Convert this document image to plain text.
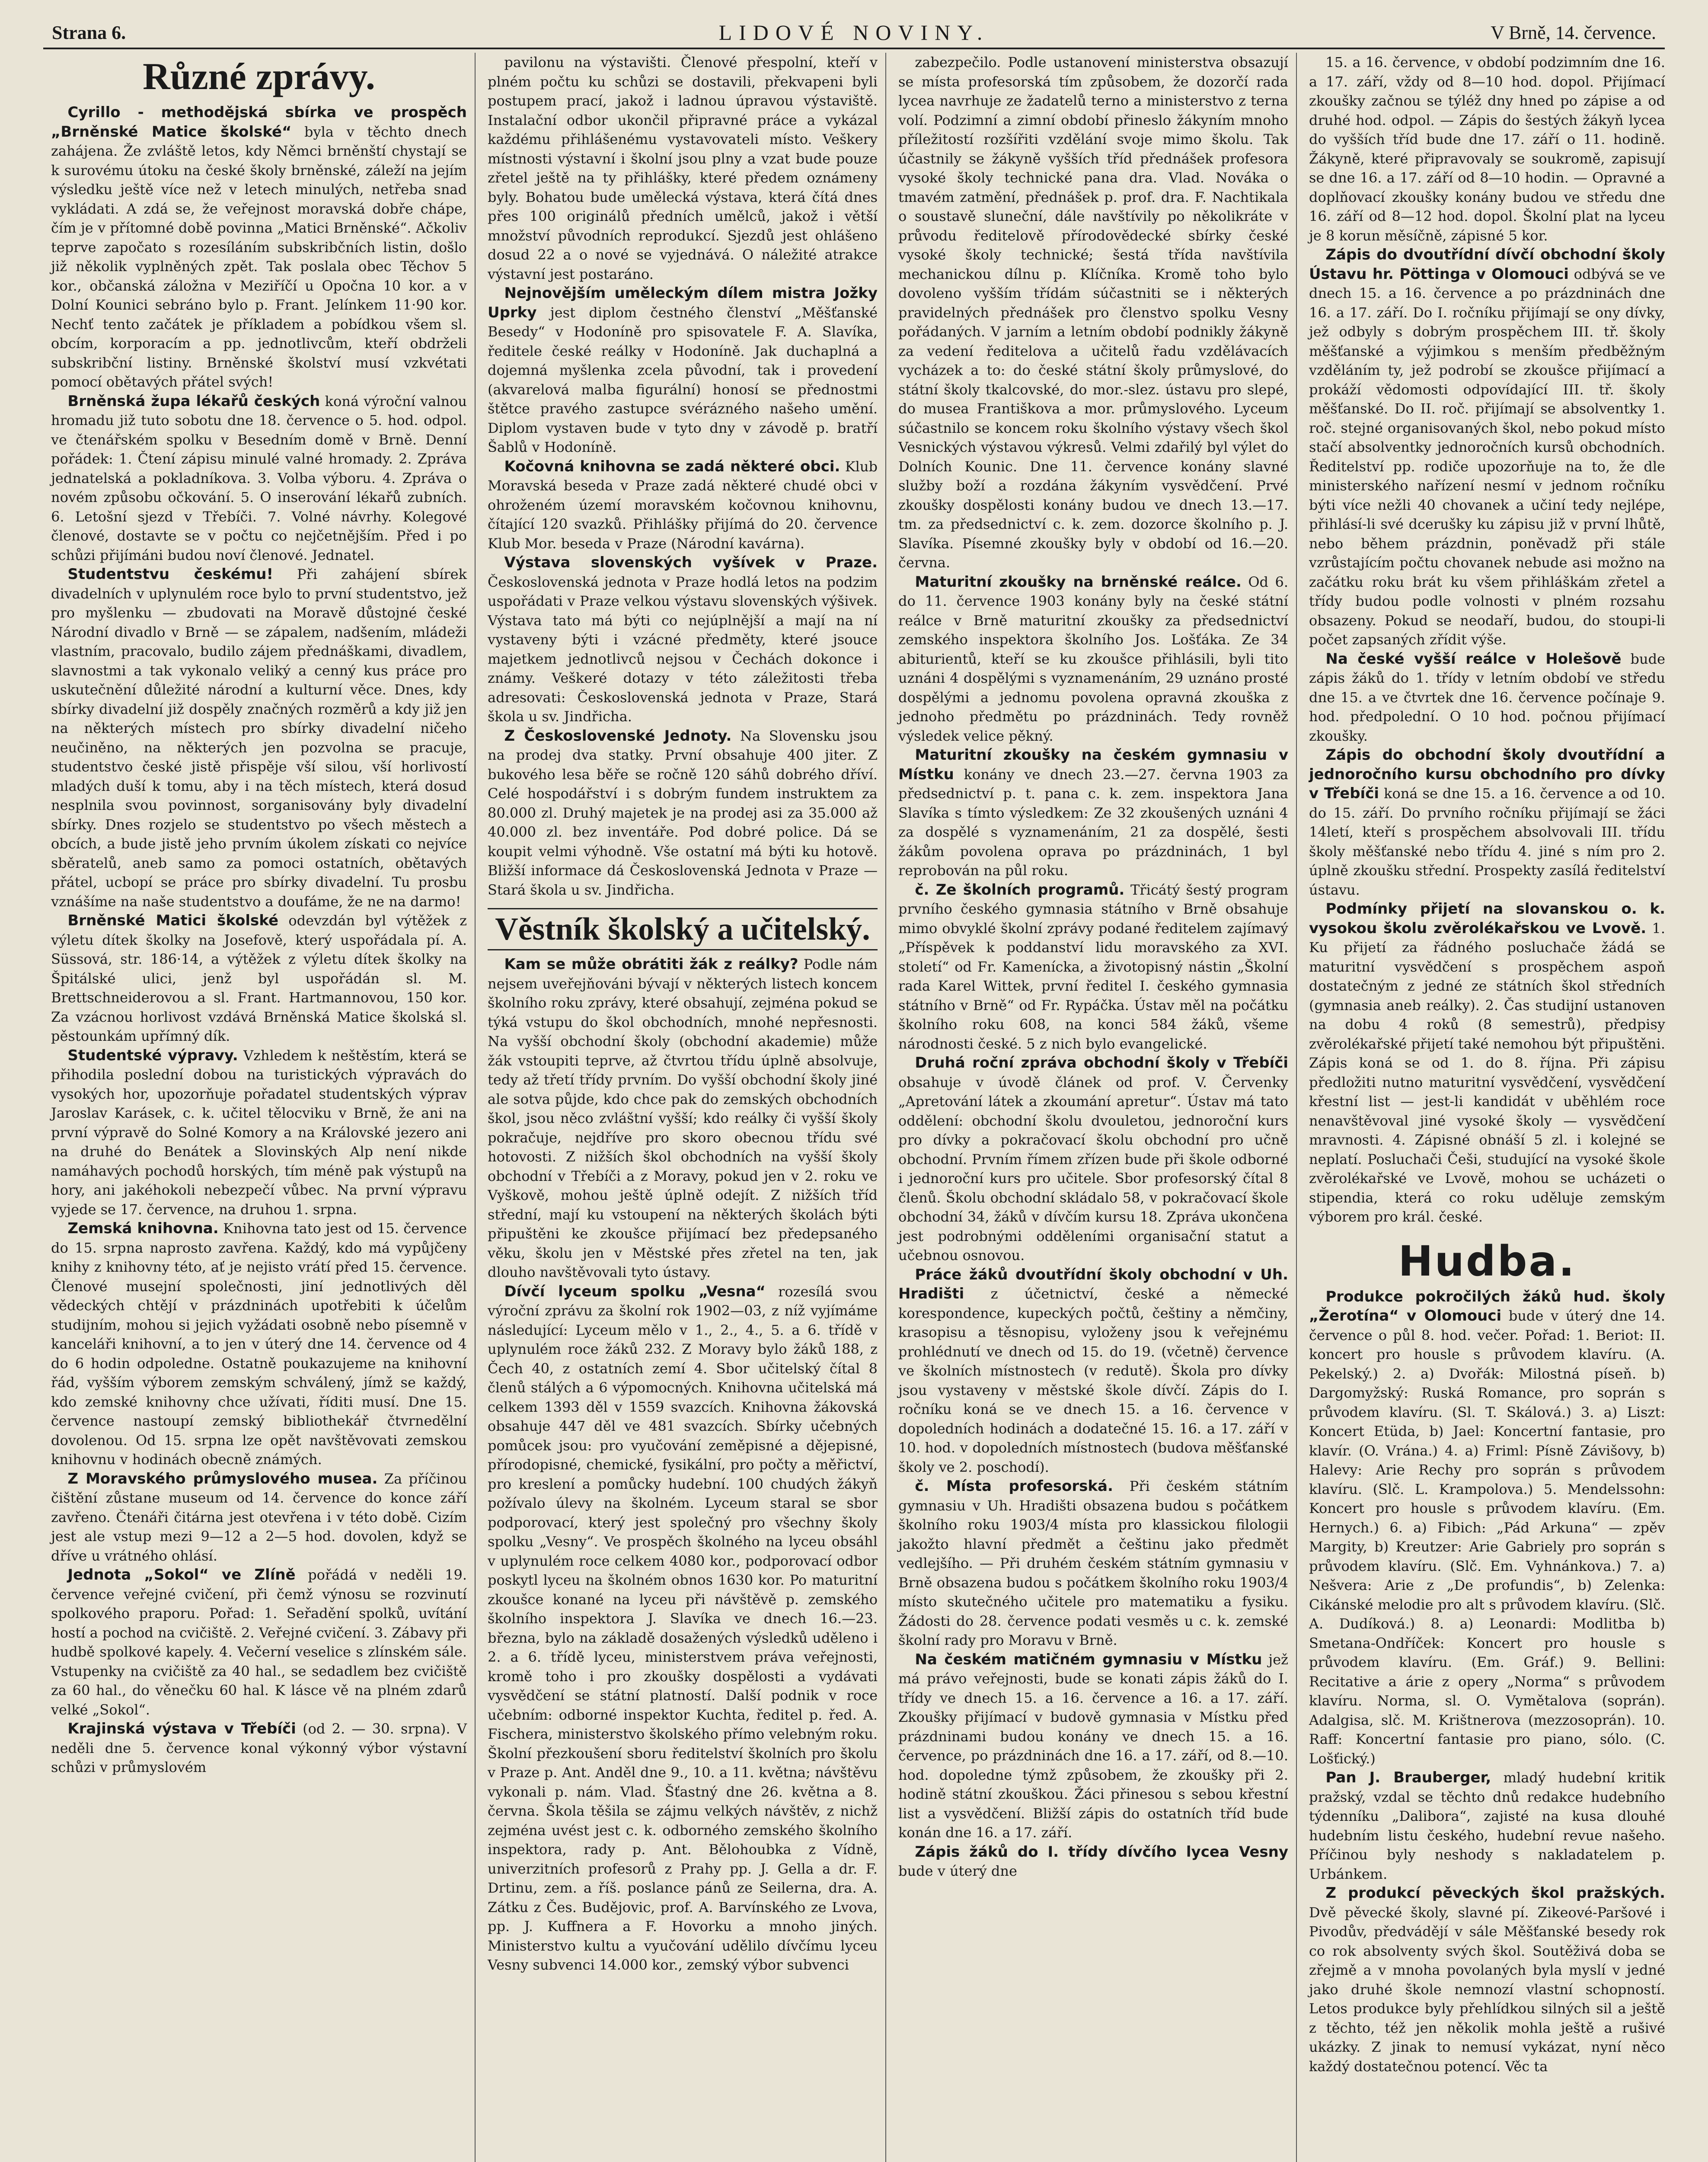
Strana 6.	LIDOVÉ NOVINY.	V Brně, 14. července.
Různé zprávy.

Cyrillo - methodějská sbírka ve prospěch „Brněnské Matice školské“ byla v těchto dnech zahájena. Že zvláště letos, kdy Němci brněnští chystají se k surovému útoku na české školy brněnské, záleží na jejím výsledku ještě více než v letech minulých, netřeba snad vykládati. A zdá se, že veřejnost moravská dobře chápe, čím je v přítomné době povinna „Matici Brněnské“. Ačkoliv teprve započato s rozesíláním subskribčních listin, došlo již několik vyplněných zpět. Tak poslala obec Těchov 5 kor., občanská záložna v Meziříčí u Opočna 10 kor. a v Dolní Kounici sebráno bylo p. Frant. Jelínkem 11·90 kor. Nechť tento začátek je příkladem a pobídkou všem sl. obcím, korporacím a pp. jednotlivcům, kteří obdrželi subskribční listiny. Brněnské školství musí vzkvétati pomocí obětavých přátel svých!

Brněnská župa lékařů českých koná výroční valnou hromadu již tuto sobotu dne 18. července o 5. hod. odpol. ve čtenářském spolku v Besedním domě v Brně. Denní pořádek: 1. Čtení zápisu minulé valné hromady. 2. Zpráva jednatelská a pokladníkova. 3. Volba výboru. 4. Zpráva o novém způsobu očkování. 5. O inserování lékařů zubních. 6. Letošní sjezd v Třebíči. 7. Volné návrhy. Kolegové členové, dostavte se v počtu co nejčetnějším. Před i po schůzi přijímáni budou noví členové. Jednatel.

Studentstvu českému! Při zahájení sbírek divadelních v uplynulém roce bylo to první studentstvo, jež pro myšlenku — zbudovati na Moravě důstojné české Národní divadlo v Brně — se zápalem, nadšením, mládeži vlastním, pracovalo, budilo zájem přednáškami, divadlem, slavnostmi a tak vykonalo veliký a cenný kus práce pro uskutečnění důležité národní a kulturní věce. Dnes, kdy sbírky divadelní již dospěly značných rozměrů a kdy již jen na některých místech pro sbírky divadelní ničeho neučiněno, na některých jen pozvolna se pracuje, studentstvo české jistě přispěje vší silou, vší horlivostí mladých duší k tomu, aby i na těch místech, která dosud nesplnila svou povinnost, sorganisovány byly divadelní sbírky. Dnes rozjelo se studentstvo po všech městech a obcích, a bude jistě jeho prvním úkolem získati co nejvíce sběratelů, aneb samo za pomoci ostatních, obětavých přátel, ucbopí se práce pro sbírky divadelní. Tu prosbu vznášíme na naše studentstvo a doufáme, že ne na darmo!

Brněnské Matici školské odevzdán byl výtěžek z výletu dítek školky na Josefově, který uspořádala pí. A. Süssová, str. 186·14, a výtěžek z výletu dítek školky na Špitálské ulici, jenž byl uspořádán sl. M. Brettschneiderovou a sl. Frant. Hartmannovou, 150 kor. Za vzácnou horlivost vzdává Brněnská Matice školská sl. pěstounkám upřímný dík.

Studentské výpravy. Vzhledem k neštěstím, která se přihodila poslední dobou na turistických výpravách do vysokých hor, upozorňuje pořadatel studentských výprav Jaroslav Karásek, c. k. učitel tělocviku v Brně, že ani na první výpravě do Solné Komory a na Královské jezero ani na druhé do Benátek a Slovinských Alp není nikde namáhavých pochodů horských, tím méně pak výstupů na hory, ani jakéhokoli nebezpečí vůbec. Na první výpravu vyjede se 17. července, na druhou 1. srpna.

Zemská knihovna. Knihovna tato jest od 15. července do 15. srpna naprosto zavřena. Každý, kdo má vypůjčeny knihy z knihovny této, ať je nejisto vrátí před 15. července. Členové musejní společnosti, jiní jednotlivých děl vědeckých chtějí v prázdninách upotřebiti k účelům studijním, mohou si jejich vyžádati osobně nebo písemně v kanceláři knihovní, a to jen v úterý dne 14. července od 4 do 6 hodin odpoledne. Ostatně poukazujeme na knihovní řád, vyšším výborem zemským schválený, jímž se každý, kdo zemské knihovny chce užívati, říditi musí. Dne 15. července nastoupí zemský bibliothekář čtvrnedělní dovolenou. Od 15. srpna lze opět navštěvovati zemskou knihovnu v hodinách obecně známých.

Z Moravského průmyslového musea. Za příčinou čištění zůstane museum od 14. července do konce září zavřeno. Čtenáři čitárna jest otevřena i v této době. Cizím jest ale vstup mezi 9—12 a 2—5 hod. dovolen, když se dříve u vrátného ohlásí.

Jednota „Sokol“ ve Zlíně pořádá v neděli 19. července veřejné cvičení, při čemž výnosu se rozvinutí spolkového praporu. Pořad: 1. Seřadění spolků, uvítání hostí a pochod na cvičiště. 2. Veřejné cvičení. 3. Zábavy při hudbě spolkové kapely. 4. Večerní veselice s zlínském sále. Vstupenky na cvičiště za 40 hal., se sedadlem bez cvičiště za 60 hal., do věnečku 60 hal. K lásce vě na plném zdarů velké „Sokol“.

Krajinská výstava v Třebíči (od 2. — 30. srpna). V neděli dne 5. července konal výkonný výbor výstavní schůzi v průmyslovém

pavilonu na výstavišti. Členové přespolní, kteří v plném počtu ku schůzi se dostavili, překvapeni byli postupem prací, jakož i ladnou úpravou výstaviště. Instalační odbor ukončil připravné práce a vykázal každému přihlášenému vystavovateli místo. Veškery místnosti výstavní i školní jsou plny a vzat bude pouze zřetel ještě na ty přihlášky, které předem oznámeny byly. Bohatou bude umělecká výstava, která čítá dnes přes 100 originálů předních umělců, jakož i větší množství původních reprodukcí. Sjezdů jest ohlášeno dosud 22 a o nové se vyjednává. O náležité atrakce výstavní jest postaráno.

Nejnovějším uměleckým dílem mistra Jožky Uprky jest diplom čestného členství „Měšťanské Besedy“ v Hodoníně pro spisovatele F. A. Slavíka, ředitele české reálky v Hodoníně. Jak duchaplná a dojemná myšlenka zcela původní, tak i provedení (akvarelová malba figurální) honosí se přednostmi štětce pravého zastupce svérázného našeho umění. Diplom vystaven bude v tyto dny v závodě p. bratří Šablů v Hodoníně.

Kočovná knihovna se zadá některé obci. Klub Moravská beseda v Praze zadá některé chudé obci v ohroženém území moravském kočovnou knihovnu, čítající 120 svazků. Přihlášky přijímá do 20. července Klub Mor. beseda v Praze (Národní kavárna).

Výstava slovenských vyšívek v Praze. Československá jednota v Praze hodlá letos na podzim uspořádati v Praze velkou výstavu slovenských výšivek. Výstava tato má býti co nejúplnější a mají na ní vystaveny býti i vzácné předměty, které jsouce majetkem jednotlivců nejsou v Čechách dokonce i známy. Veškeré dotazy v této záležitosti třeba adresovati: Československá jednota v Praze, Stará škola u sv. Jindřicha.

Z Československé Jednoty. Na Slovensku jsou na prodej dva statky. První obsahuje 400 jiter. Z bukového lesa běře se ročně 120 sáhů dobrého dříví. Celé hospodářství i s dobrým fundem instruktem za 80.000 zl. Druhý majetek je na prodej asi za 35.000 až 40.000 zl. bez inventáře. Pod dobré police. Dá se koupit velmi výhodně. Vše ostatní má býti ku hotově. Bližší informace dá Československá Jednota v Praze — Stará škola u sv. Jindřicha.

Věstník školský a učitelský.

Kam se může obrátiti žák z reálky? Podle nám nejsem uveřejňováni bývají v některých listech koncem školního roku zprávy, které obsahují, zejména pokud se týká vstupu do škol obchodních, mnohé nepřesnosti. Na vyšší obchodní školy (obchodní akademie) může žák vstoupiti teprve, až čtvrtou třídu úplně absolvuje, tedy až třetí třídy prvním. Do vyšší obchodní školy jiné ale sotva půjde, kdo chce pak do zemských obchodních škol, jsou něco zvláštní vyšší; kdo reálky či vyšší školy pokračuje, nejdříve pro skoro obecnou třídu své hotovosti. Z nižších škol obchodních na vyšší školy obchodní v Třebíči a z Moravy, pokud jen v 2. roku ve Vyškově, mohou ještě úplně odejít. Z nižších tříd střední, mají ku vstoupení na některých školách býti připuštěni ke zkoušce přijímací bez předepsaného věku, školu jen v Městské přes zřetel na ten, jak dlouho navštěvovali tyto ústavy.

Dívčí lyceum spolku „Vesna“ rozesílá svou výroční zprávu za školní rok 1902—03, z níž vyjímáme následující: Lyceum mělo v 1., 2., 4., 5. a 6. třídě v uplynulém roce žáků 232. Z Moravy bylo žáků 188, z Čech 40, z ostatních zemí 4. Sbor učitelský čítal 8 členů stálých a 6 výpomocných. Knihovna učitelská má celkem 1393 děl v 1559 svazcích. Knihovna žákovská obsahuje 447 děl ve 481 svazcích. Sbírky učebných pomůcek jsou: pro vyučování zeměpisné a dějepisné, přírodopisné, chemické, fysikální, pro počty a měřictví, pro kreslení a pomůcky hudební. 100 chudých žákyň požívalo úlevy na školném. Lyceum staral se sbor podporovací, který jest společný pro všechny školy spolku „Vesny“. Ve prospěch školného na lyceu obsáhl v uplynulém roce celkem 4080 kor., podporovací odbor poskytl lyceu na školném obnos 1630 kor. Po maturitní zkoušce konané na lyceu při návštěvě p. zemského školního inspektora J. Slavíka ve dnech 16.—23. března, bylo na základě dosažených výsledků uděleno i 2. a 6. třídě lyceu, ministerstvem práva veřejnosti, kromě toho i pro zkoušky dospělosti a vydávati vysvědčení se státní platností. Další podnik v roce učebním: odborné inspektor Kuchta, ředitel p. řed. A. Fischera, ministerstvo školského přímo velebným roku. Školní přezkoušení sboru ředitelství školních pro školu v Praze p. Ant. Anděl dne 9., 10. a 11. května; návštěvu vykonali p. nám. Vlad. Šťastný dne 26. května a 8. června. Škola těšila se zájmu velkých návštěv, z nichž zejména uvést jest c. k. odborného zemského školního inspektora, rady p. Ant. Bělohoubka z Vídně, univerzitních profesorů z Prahy pp. J. Gella a dr. F. Drtinu, zem. a říš. poslance pánů ze Seilerna, dra. A. Zátku z Čes. Budějovic, prof. A. Barvínského ze Lvova, pp. J. Kuffnera a F. Hovorku a mnoho jiných. Ministerstvo kultu a vyučování udělilo dívčímu lyceu Vesny subvenci 14.000 kor., zemský výbor subvenci

zabezpečilo. Podle ustanovení ministerstva obsazují se místa profesorská tím způsobem, že dozorčí rada lycea navrhuje ze žadatelů terno a ministerstvo z terna volí. Podzimní a zimní období přineslo žákyním mnoho příležitostí rozšířiti vzdělání svoje mimo školu. Tak účastnily se žákyně vyšších tříd přednášek profesora vysoké školy technické pana dra. Vlad. Nováka o tmavém zatmění, přednášek p. prof. dra. F. Nachtikala o soustavě sluneční, dále navštívily po několikráte v průvodu ředitelově přírodovědecké sbírky české vysoké školy technické; šestá třída navštívila mechanickou dílnu p. Klíčníka. Kromě toho bylo dovoleno vyšším třídám súčastniti se i některých pravidelných přednášek pro členstvo spolku Vesny pořádaných. V jarním a letním období podnikly žákyně za vedení ředitelova a učitelů řadu vzdělávacích vycházek a to: do české státní školy průmyslové, do státní školy tkalcovské, do mor.-slez. ústavu pro slepé, do musea Františkova a mor. průmyslového. Lyceum súčastnilo se koncem roku školního výstavy všech škol Vesnických výstavou výkresů. Velmi zdařilý byl výlet do Dolních Kounic. Dne 11. července konány slavné služby boží a rozdána žákyním vysvědčení. Prvé zkoušky dospělosti konány budou ve dnech 13.—17. tm. za předsednictví c. k. zem. dozorce školního p. J. Slavíka. Písemné zkoušky byly v období od 16.—20. června.

Maturitní zkoušky na brněnské reálce. Od 6. do 11. července 1903 konány byly na české státní reálce v Brně maturitní zkoušky za předsednictví zemského inspektora školního Jos. Lošťáka. Ze 34 abiturientů, kteří se ku zkoušce přihlásili, byli tito uznáni 4 dospělými s vyznamenáním, 29 uznáno prosté dospělými a jednomu povolena opravná zkouška z jednoho předmětu po prázdninách. Tedy rovněž výsledek velice pěkný.

Maturitní zkoušky na českém gymnasiu v Místku konány ve dnech 23.—27. června 1903 za předsednictví p. t. pana c. k. zem. inspektora Jana Slavíka s tímto výsledkem: Ze 32 zkoušených uznáni 4 za dospělé s vyznamenáním, 21 za dospělé, šesti žákům povolena oprava po prázdninách, 1 byl reprobován na půl roku.

č. Ze školních programů. Třicátý šestý program prvního českého gymnasia státního v Brně obsahuje mimo obvyklé školní zprávy podané ředitelem zajímavý „Příspěvek k poddanství lidu moravského za XVI. století“ od Fr. Kamenícka, a životopisný nástin „Školní rada Karel Wittek, první ředitel I. českého gymnasia státního v Brně“ od Fr. Rypáčka. Ústav měl na počátku školního roku 608, na konci 584 žáků, všeme národnosti české. 5 z nich bylo evangelické.

Druhá roční zpráva obchodní školy v Třebíči obsahuje v úvodě článek od prof. V. Červenky „Apretování látek a zkoumání apretur“. Ústav má tato oddělení: obchodní školu dvouletou, jednoroční kurs pro dívky a pokračovací školu obchodní pro učně obchodní. Prvním římem zřízen bude při škole odborné i jednoroční kurs pro učitele. Sbor profesorský čítal 8 členů. Školu obchodní skládalo 58, v pokračovací škole obchodní 34, žáků v dívčím kursu 18. Zpráva ukončena jest podrobnými odděleními organisační statut a učebnou osnovou.

Práce žáků dvoutřídní školy obchodní v Uh. Hradišti z účetnictví, české a německé korespondence, kupeckých počtů, češtiny a němčiny, krasopisu a těsnopisu, vyloženy jsou k veřejnému prohlédnutí ve dnech od 15. do 19. (včetně) července ve školních místnostech (v redutě). Škola pro dívky jsou vystaveny v městské škole dívčí. Zápis do I. ročníku koná se ve dnech 15. a 16. července v dopoledních hodinách a dodatečné 15. 16. a 17. září v 10. hod. v dopoledních místnostech (budova měšťanské školy ve 2. poschodí).

č. Místa profesorská. Při českém státním gymnasiu v Uh. Hradišti obsazena budou s počátkem školního roku 1903/4 místa pro klassickou filologii jakožto hlavní předmět a češtinu jako předmět vedlejšího. — Při druhém českém státním gymnasiu v Brně obsazena budou s počátkem školního roku 1903/4 místo skutečného učitele pro matematiku a fysiku. Žádosti do 28. července podati vesměs u c. k. zemské školní rady pro Moravu v Brně.

Na českém matičném gymnasiu v Místku jež má právo veřejnosti, bude se konati zápis žáků do I. třídy ve dnech 15. a 16. července a 16. a 17. září. Zkoušky přijímací v budově gymnasia v Místku před prázdninami budou konány ve dnech 15. a 16. července, po prázdninách dne 16. a 17. září, od 8.—10. hod. dopoledne týmž způsobem, že zkoušky při 2. hodině státní zkouškou. Žáci přinesou s sebou křestní list a vysvědčení. Bližší zápis do ostatních tříd bude konán dne 16. a 17. září.

Zápis žáků do I. třídy dívčího lycea Vesny bude v úterý dne

15. a 16. července, v období podzimním dne 16. a 17. září, vždy od 8—10 hod. dopol. Přijímací zkoušky začnou se týléž dny hned po zápise a od druhé hod. odpol. — Zápis do šestých žákyň lycea do vyšších tříd bude dne 17. září o 11. hodině. Žákyně, které připravovaly se soukromě, zapisují se dne 16. a 17. září od 8—10 hodin. — Opravné a doplňovací zkoušky konány budou ve středu dne 16. září od 8—12 hod. dopol. Školní plat na lyceu je 8 korun měsíčně, zápisné 5 kor.

Zápis do dvoutřídní dívčí obchodní školy Ústavu hr. Pöttinga v Olomouci odbývá se ve dnech 15. a 16. července a po prázdninách dne 16. a 17. září. Do I. ročníku přijímají se ony dívky, jež odbyly s dobrým prospěchem III. tř. školy měšťanské a výjimkou s menším předběžným vzděláním ty, jež podrobí se zkoušce přijímací a prokáží vědomosti odpovídající III. tř. školy měšťanské. Do II. roč. přijímají se absolventky 1. roč. stejné organisovaných škol, nebo pokud místo stačí absolventky jednoročních kursů obchodních. Ředitelství pp. rodiče upozorňuje na to, že dle ministerského nařízení nesmí v jednom ročníku býti více nežli 40 chovanek a učiní tedy nejlépe, přihlásí-li své dcerušky ku zápisu již v první lhůtě, nebo během prázdnin, poněvadž při stále vzrůstajícím počtu chovanek nebude asi možno na začátku roku brát ku všem přihláškám zřetel a třídy budou podle volnosti v plném rozsahu obsazeny. Pokud se neodaří, budou, do stoupi-li počet zapsaných zřídit výše.

Na české vyšší reálce v Holešově bude zápis žáků do 1. třídy v letním období ve středu dne 15. a ve čtvrtek dne 16. července počínaje 9. hod. předpolední. O 10 hod. počnou přijímací zkoušky.

Zápis do obchodní školy dvoutřídní a jednoročního kursu obchodního pro dívky v Třebíči koná se dne 15. a 16. července a od 10. do 15. září. Do prvního ročníku přijímají se žáci 14letí, kteří s prospěchem absolvovali III. třídu školy měšťanské nebo třídu 4. jiné s ním pro 2. úplně zkoušku střední. Prospekty zasílá ředitelství ústavu.

Podmínky přijetí na slovanskou o. k. vysokou školu zvěrolékařskou ve Lvově. 1. Ku přijetí za řádného posluchače žádá se maturitní vysvědčení s prospěchem aspoň dostatečným z jedné ze státních škol středních (gymnasia aneb reálky). 2. Čas studijní ustanoven na dobu 4 roků (8 semestrů), předpisy zvěrolékařské přijetí také nemohou být připuštěni. Zápis koná se od 1. do 8. října. Při zápisu předložiti nutno maturitní vysvědčení, vysvědčení křestní list — jest-li kandidát v uběhlém roce nenavštěvoval jiné vysoké školy — vysvědčení mravnosti. 4. Zápisné obnáší 5 zl. i kolejné se neplatí. Posluchači Češi, studující na vysoké škole zvěrolékařské ve Lvově, mohou se ucházeti o stipendia, která co roku uděluje zemským výborem pro král. české.

Hudba.

Produkce pokročilých žáků hud. školy „Žerotína“ v Olomouci bude v úterý dne 14. července o půl 8. hod. večer. Pořad: 1. Beriot: II. koncert pro housle s průvodem klavíru. (A. Pekelský.) 2. a) Dvořák: Milostná píseň. b) Dargomyžský: Ruská Romance, pro soprán s průvodem klavíru. (Sl. T. Skálová.) 3. a) Liszt: Koncert Etüda, b) Jael: Koncertní fantasie, pro klavír. (O. Vrána.) 4. a) Friml: Písně Závišovy, b) Halevy: Arie Rechy pro soprán s průvodem klavíru. (Slč. L. Krampolova.) 5. Mendelssohn: Koncert pro housle s průvodem klavíru. (Em. Hernych.) 6. a) Fibich: „Pád Arkuna“ — zpěv Margity, b) Kreutzer: Arie Gabriely pro soprán s průvodem klavíru. (Slč. Em. Vyhnánkova.) 7. a) Nešvera: Arie z „De profundis“, b) Zelenka: Cikánské melodie pro alt s průvodem klavíru. (Slč. A. Dudíková.) 8. a) Leonardi: Modlitba b) Smetana-Ondříček: Koncert pro housle s průvodem klavíru. (Em. Gráf.) 9. Bellini: Recitative a árie z opery „Norma“ s průvodem klavíru. Norma, sl. O. Vymětalova (soprán). Adalgisa, slč. M. Krištnerova (mezzosoprán). 10. Raff: Koncertní fantasie pro piano, sólo. (C. Lošťický.)

Pan J. Brauberger, mladý hudební kritik pražský, vzdal se těchto dnů redakce hudebního týdenníku „Dalibora“, zajisté na kusa dlouhé hudebním listu českého, hudební revue našeho. Příčinou byly neshody s nakladatelem p. Urbánkem.

Z produkcí pěveckých škol pražských. Dvě pěvecké školy, slavné pí. Zikeové-Paršové i Pivodův, předvádějí v sále Měšťanské besedy rok co rok absolventy svých škol. Soutěživá doba se zřejmě a v mnoha povolaných byla myslí v jedné jako druhé škole nemnozí vlastní schopností. Letos produkce byly přehlídkou silných sil a ještě z těchto, též jen několik mohla ještě a rušivé ukázky. Z jinak to nemusí vykázat, nyní něco každý dostatečnou potencí. Věc ta
